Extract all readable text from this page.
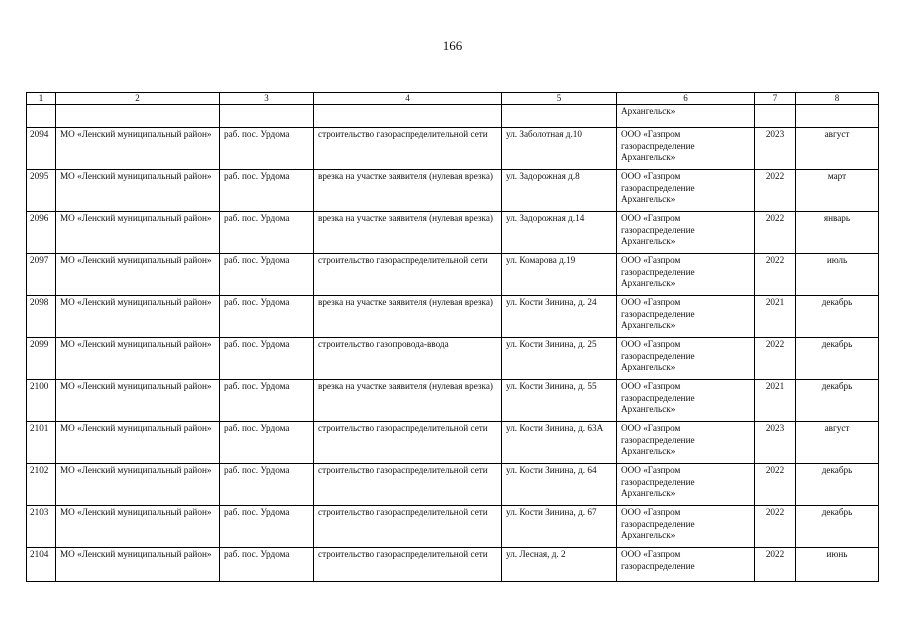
166
1	2	3	4	5	6	7	8
					Архангельск»		
2094	МО «Ленский муниципальный район»	раб. пос. Урдома	строительство газораспределительной сети	ул. Заболотная д.10	ООО «Газпром газораспределение Архангельск»	2023	август
2095	МО «Ленский муниципальный район»	раб. пос. Урдома	врезка на участке заявителя (нулевая врезка)	ул. Задорожная д.8	ООО «Газпром газораспределение Архангельск»	2022	март
2096	МО «Ленский муниципальный район»	раб. пос. Урдома	врезка на участке заявителя (нулевая врезка)	ул. Задорожная д.14	ООО «Газпром газораспределение Архангельск»	2022	январь
2097	МО «Ленский муниципальный район»	раб. пос. Урдома	строительство газораспределительной сети	ул. Комарова д.19	ООО «Газпром газораспределение Архангельск»	2022	июль
2098	МО «Ленский муниципальный район»	раб. пос. Урдома	врезка на участке заявителя (нулевая врезка)	ул. Кости Зинина, д. 24	ООО «Газпром газораспределение Архангельск»	2021	декабрь
2099	МО «Ленский муниципальный район»	раб. пос. Урдома	строительство газопровода-ввода	ул. Кости Зинина, д. 25	ООО «Газпром газораспределение Архангельск»	2022	декабрь
2100	МО «Ленский муниципальный район»	раб. пос. Урдома	врезка на участке заявителя (нулевая врезка)	ул. Кости Зинина, д. 55	ООО «Газпром газораспределение Архангельск»	2021	декабрь
2101	МО «Ленский муниципальный район»	раб. пос. Урдома	строительство газораспределительной сети	ул. Кости Зинина, д. 63А	ООО «Газпром газораспределение Архангельск»	2023	август
2102	МО «Ленский муниципальный район»	раб. пос. Урдома	строительство газораспределительной сети	ул. Кости Зинина, д. 64	ООО «Газпром газораспределение Архангельск»	2022	декабрь
2103	МО «Ленский муниципальный район»	раб. пос. Урдома	строительство газораспределительной сети	ул. Кости Зинина, д. 67	ООО «Газпром газораспределение Архангельск»	2022	декабрь
2104	МО «Ленский муниципальный район»	раб. пос. Урдома	строительство газораспределительной сети	ул. Лесная, д. 2	ООО «Газпром газораспределение	2022	июнь
